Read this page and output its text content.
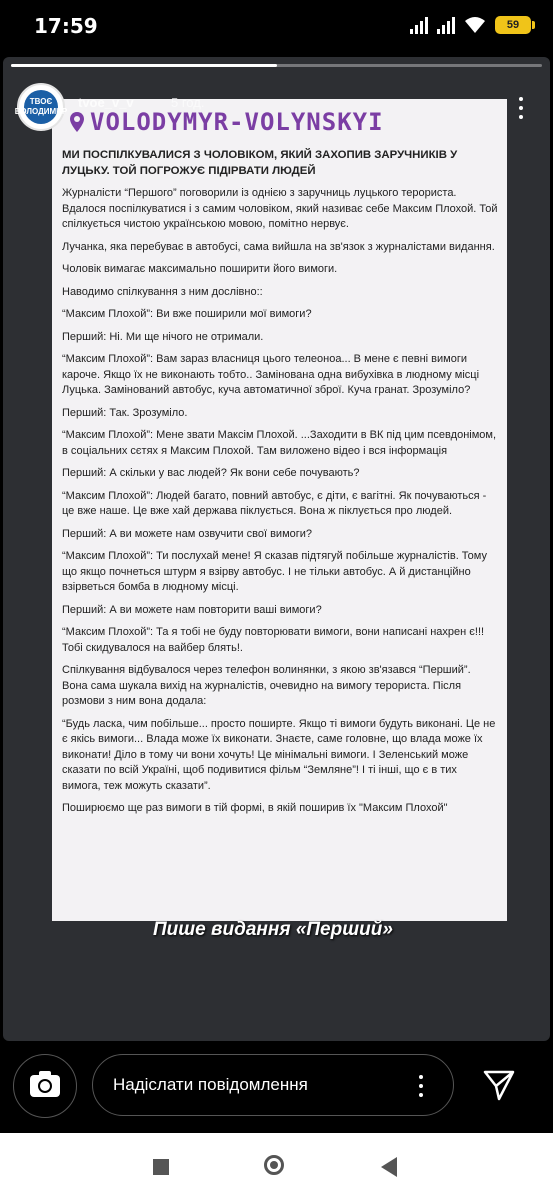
17:59	59
VOLODYMYR-VOLYNSKYI
МИ ПОСПІЛКУВАЛИСЯ З ЧОЛОВІКОМ, ЯКИЙ ЗАХОПИВ ЗАРУЧНИКІВ У ЛУЦЬКУ. ТОЙ ПОГРОЖУЄ ПІДІРВАТИ ЛЮДЕЙ

Журналісти “Першого” поговорили із однією з заручниць луцького терориста. Вдалося поспілкуватися і з самим чоловіком, який називає себе Максим Плохой. Той спілкується чистою українською мовою, помітно нервує.

Лучанка, яка перебуває в автобусі, сама вийшла на зв'язок з журналістами видання.

Чоловік вимагає максимально поширити його вимоги.

Наводимо спілкування з ним дослівно::

“Максим Плохой”: Ви вже поширили мої вимоги?

Перший: Ні. Ми ще нічого не отримали.

“Максим Плохой”: Вам зараз власниця цього телеоноа... В мене є певні вимоги кароче. Якщо їх не виконають тобто.. Замінована одна вибухівка в людному місці Луцька. Замінований автобус, куча автоматичної зброї. Куча гранат. Зрозуміло?

Перший: Так. Зрозуміло.

“Максим Плохой”: Мене звати Максім Плохой. ...Заходити в ВК під цим псевдонімом, в соціальних сєтях я Максим Плохой. Там виложено відео і вся інформація

Перший: А скільки у вас людей? Як вони себе почувають?

“Максим Плохой”: Людей багато, повний автобус, є діти, є вагітні. Як почуваються - це вже наше. Це вже хай держава піклується. Вона ж піклується про людей.

Перший: А ви можете нам озвучити свої вимоги?

“Максим Плохой”: Ти послухай мене! Я сказав підтягуй побільше журналістів. Тому що якщо почнеться штурм я взірву автобус. І не тільки автобус. А й дистанційно взірветься бомба в людному місці.

Перший: А ви можете нам повторити ваші вимоги?

“Максим Плохой”: Та я тобі не буду повторювати вимоги, вони написані нахрен є!!! Тобі скидувалося на вайбер блять!.

Спілкування відбувалося через телефон волинянки, з якою зв'язався “Перший”. Вона сама шукала вихід на журналістів, очевидно на вимогу терориста. Після розмови з ним вона додала:

“Будь ласка, чим побільше... просто поширте. Якщо ті вимоги будуть виконані. Це не є якісь вимоги... Влада може їх виконати. Знаєте, саме головне, що влада може їх виконати! Діло в тому чи вони хочуть! Це мінімальні вимоги. І Зеленський може сказати по всій Україні, щоб подивитися фільм “Земляне”! І ті інші, що є в тих вимога, теж можуть сказати”.

Поширюємо ще раз вимоги в тій формі, в якій поширив їх "Максим Плохой"

ТВОЄ ВОЛОДИМИР
tvoe_v_v	5 год.
Пише видання «Перший»
Надіслати повідомлення
